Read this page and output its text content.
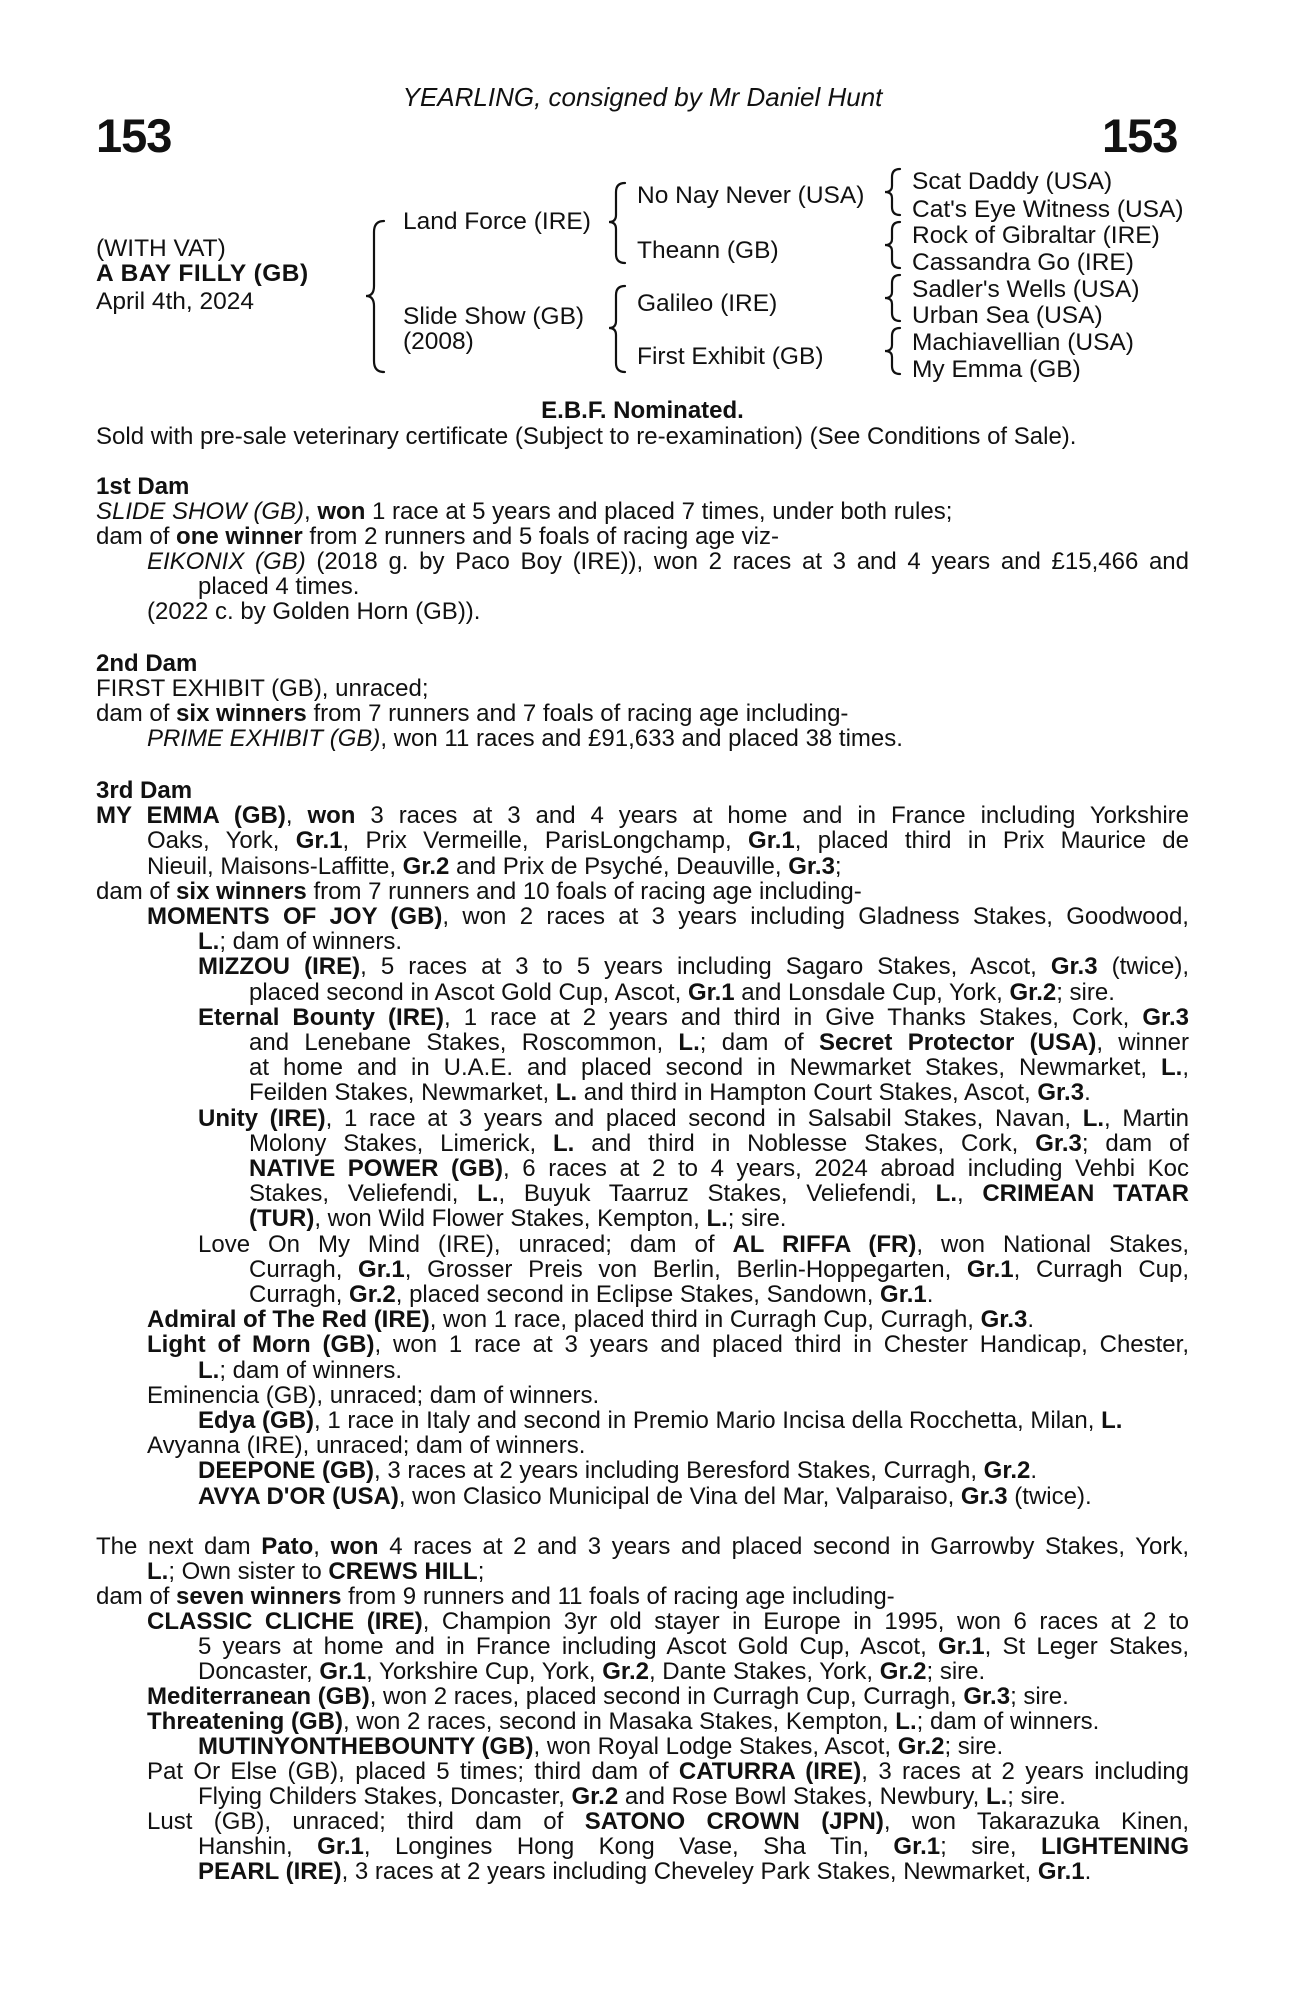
153
YEARLING, consigned by Mr Daniel Hunt
153
(WITH VAT)
A BAY FILLY (GB)
April 4th, 2024
Land Force (IRE)
Slide Show (GB)
(2008)
No Nay Never (USA)
Theann (GB)
Galileo (IRE)
First Exhibit (GB)
Scat Daddy (USA)
Cat's Eye Witness (USA)
Rock of Gibraltar (IRE)
Cassandra Go (IRE)
Sadler's Wells (USA)
Urban Sea (USA)
Machiavellian (USA)
My Emma (GB)
E.B.F. Nominated.
Sold with pre-sale veterinary certificate (Subject to re-examination) (See Conditions of Sale).
1st Dam
SLIDE SHOW (GB), won 1 race at 5 years and placed 7 times, under both rules;
dam of one winner from 2 runners and 5 foals of racing age viz-
EIKONIX (GB) (2018 g. by Paco Boy (IRE)), won 2 races at 3 and 4 years and £15,466 and
placed 4 times.
(2022 c. by Golden Horn (GB)).
2nd Dam
FIRST EXHIBIT (GB), unraced;
dam of six winners from 7 runners and 7 foals of racing age including-
PRIME EXHIBIT (GB), won 11 races and £91,633 and placed 38 times.
3rd Dam
MY EMMA (GB), won 3 races at 3 and 4 years at home and in France including Yorkshire
Oaks, York, Gr.1, Prix Vermeille, ParisLongchamp, Gr.1, placed third in Prix Maurice de
Nieuil, Maisons-Laffitte, Gr.2 and Prix de Psyché, Deauville, Gr.3;
dam of six winners from 7 runners and 10 foals of racing age including-
MOMENTS OF JOY (GB), won 2 races at 3 years including Gladness Stakes, Goodwood,
L.; dam of winners.
MIZZOU (IRE), 5 races at 3 to 5 years including Sagaro Stakes, Ascot, Gr.3 (twice),
placed second in Ascot Gold Cup, Ascot, Gr.1 and Lonsdale Cup, York, Gr.2; sire.
Eternal Bounty (IRE), 1 race at 2 years and third in Give Thanks Stakes, Cork, Gr.3
and Lenebane Stakes, Roscommon, L.; dam of Secret Protector (USA), winner
at home and in U.A.E. and placed second in Newmarket Stakes, Newmarket, L.,
Feilden Stakes, Newmarket, L. and third in Hampton Court Stakes, Ascot, Gr.3.
Unity (IRE), 1 race at 3 years and placed second in Salsabil Stakes, Navan, L., Martin
Molony Stakes, Limerick, L. and third in Noblesse Stakes, Cork, Gr.3; dam of
NATIVE POWER (GB), 6 races at 2 to 4 years, 2024 abroad including Vehbi Koc
Stakes, Veliefendi, L., Buyuk Taarruz Stakes, Veliefendi, L., CRIMEAN TATAR
(TUR), won Wild Flower Stakes, Kempton, L.; sire.
Love On My Mind (IRE), unraced; dam of AL RIFFA (FR), won National Stakes,
Curragh, Gr.1, Grosser Preis von Berlin, Berlin-Hoppegarten, Gr.1, Curragh Cup,
Curragh, Gr.2, placed second in Eclipse Stakes, Sandown, Gr.1.
Admiral of The Red (IRE), won 1 race, placed third in Curragh Cup, Curragh, Gr.3.
Light of Morn (GB), won 1 race at 3 years and placed third in Chester Handicap, Chester,
L.; dam of winners.
Eminencia (GB), unraced; dam of winners.
Edya (GB), 1 race in Italy and second in Premio Mario Incisa della Rocchetta, Milan, L.
Avyanna (IRE), unraced; dam of winners.
DEEPONE (GB), 3 races at 2 years including Beresford Stakes, Curragh, Gr.2.
AVYA D'OR (USA), won Clasico Municipal de Vina del Mar, Valparaiso, Gr.3 (twice).
The next dam Pato, won 4 races at 2 and 3 years and placed second in Garrowby Stakes, York,
L.; Own sister to CREWS HILL;
dam of seven winners from 9 runners and 11 foals of racing age including-
CLASSIC CLICHE (IRE), Champion 3yr old stayer in Europe in 1995, won 6 races at 2 to
5 years at home and in France including Ascot Gold Cup, Ascot, Gr.1, St Leger Stakes,
Doncaster, Gr.1, Yorkshire Cup, York, Gr.2, Dante Stakes, York, Gr.2; sire.
Mediterranean (GB), won 2 races, placed second in Curragh Cup, Curragh, Gr.3; sire.
Threatening (GB), won 2 races, second in Masaka Stakes, Kempton, L.; dam of winners.
MUTINYONTHEBOUNTY (GB), won Royal Lodge Stakes, Ascot, Gr.2; sire.
Pat Or Else (GB), placed 5 times; third dam of CATURRA (IRE), 3 races at 2 years including
Flying Childers Stakes, Doncaster, Gr.2 and Rose Bowl Stakes, Newbury, L.; sire.
Lust (GB), unraced; third dam of SATONO CROWN (JPN), won Takarazuka Kinen,
Hanshin, Gr.1, Longines Hong Kong Vase, Sha Tin, Gr.1; sire, LIGHTENING
PEARL (IRE), 3 races at 2 years including Cheveley Park Stakes, Newmarket, Gr.1.
